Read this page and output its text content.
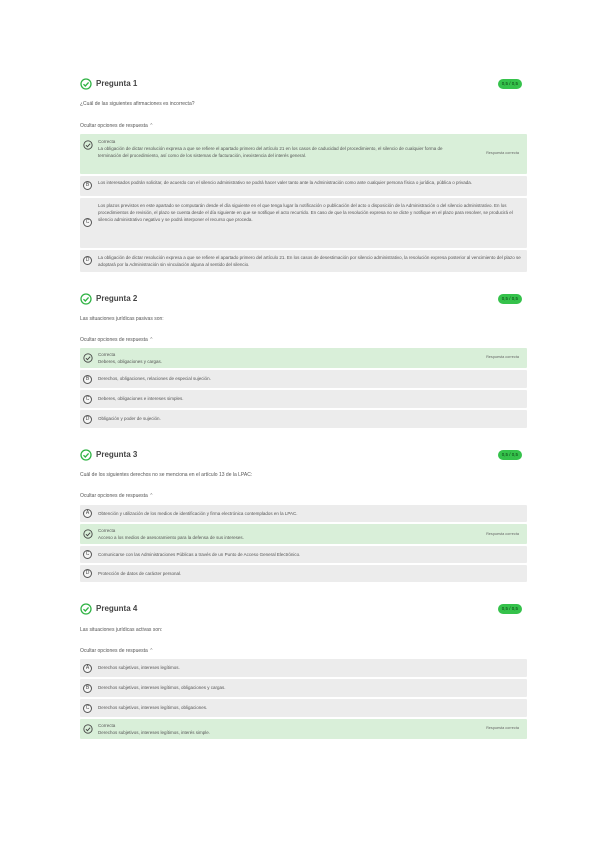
Pregunta 1	0,5 / 0,5
¿Cuál de las siguientes afirmaciones es incorrecta?
Ocultar opciones de respuesta ⌃
Correcta
La obligación de dictar resolución expresa a que se refiere el apartado primero del artículo 21 en los casos de caducidad del procedimiento, el silencio de cualquier forma de terminación del procedimiento, así como de los sistemas de facturación, inexistencia del interés general.	Respuesta correcta
B	Los interesados podrán solicitar, de acuerdo con el silencio administrativo se podrá hacer valer tanto ante la Administración como ante cualquier persona física o jurídica, pública o privada.
C
Los plazos previstos en este apartado se computarán desde el día siguiente en el que tenga lugar la notificación o publicación del acto o disposición de la Administración o del silencio administrativo. En los procedimientos de revisión, el plazo se cuenta desde el día siguiente en que se notifique el acto recurrido. En caso de que la resolución expresa no se dicte y notifique en el plazo para resolver, se producirá el silencio administrativo negativo y se podrá interponer el recurso que proceda.
D	La obligación de dictar resolución expresa a que se refiere el apartado primero del artículo 21. En los casos de desestimación por silencio administrativo, la resolución expresa posterior al vencimiento del plazo se adoptará por la Administración sin vinculación alguna al sentido del silencio.
Pregunta 2	0,5 / 0,5
Las situaciones jurídicas pasivas son:
Ocultar opciones de respuesta ⌃
Correcta
Deberes, obligaciones y cargas.
Respuesta correcta
B	Derechos, obligaciones, relaciones de especial sujeción.
C	Deberes, obligaciones e intereses simples.
D	Obligación y poder de sujeción.
Pregunta 3	0,5 / 0,5
Cuál de los siguientes derechos no se menciona en el artículo 13 de la LPAC:
Ocultar opciones de respuesta ⌃
A	Obtención y utilización de los medios de identificación y firma electrónica contemplados en la LPAC.
Correcta
Acceso a los medios de asesoramiento para la defensa de sus intereses.
Respuesta correcta
C	Comunicarse con las Administraciones Públicas a través de un Punto de Acceso General Electrónico.
D	Protección de datos de carácter personal.
Pregunta 4	0,5 / 0,5
Las situaciones jurídicas activas son:
Ocultar opciones de respuesta ⌃
A	Derechos subjetivos, intereses legítimos.
B	Derechos subjetivos, intereses legítimos, obligaciones y cargas.
C	Derechos subjetivos, intereses legítimos, obligaciones.
Correcta
Derechos subjetivos, intereses legítimos, interés simple.
Respuesta correcta
